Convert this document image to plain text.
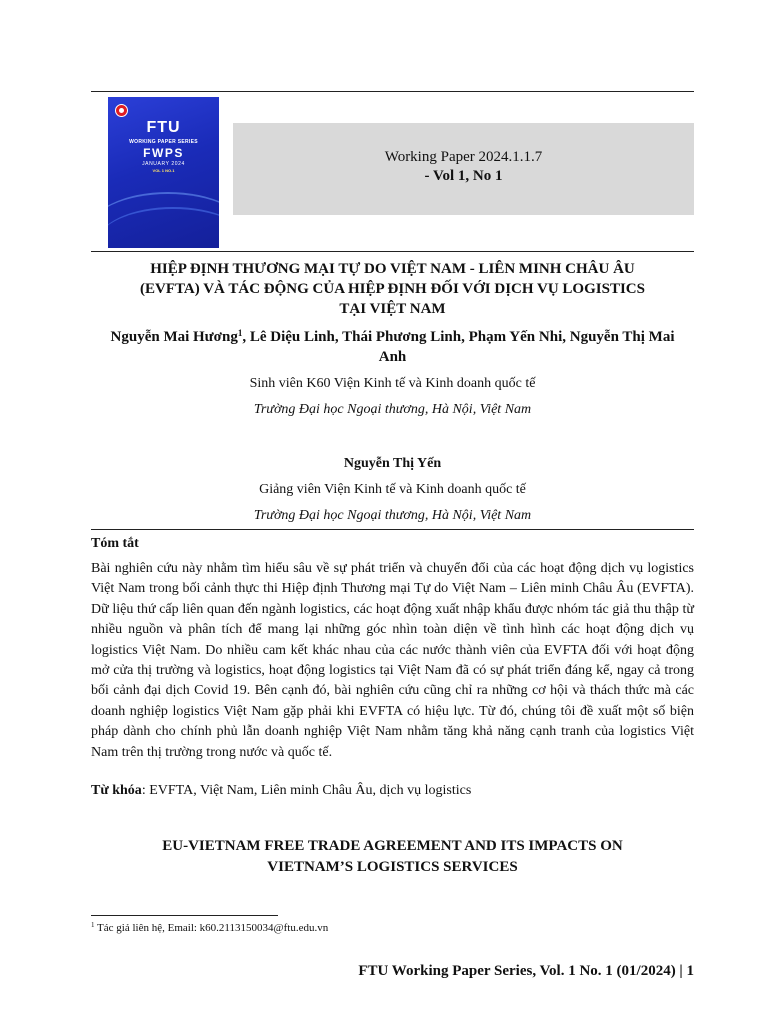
FTU
WORKING PAPER SERIES
FWPS
JANUARY 2024
VOL 1 NO.1
Working Paper 2024.1.1.7
- Vol 1, No 1
HIỆP ĐỊNH THƯƠNG MẠI TỰ DO VIỆT NAM - LIÊN MINH CHÂU ÂU
(EVFTA) VÀ TÁC ĐỘNG CỦA HIỆP ĐỊNH ĐỐI VỚI DỊCH VỤ LOGISTICS
TẠI VIỆT NAM
Nguyễn Mai Hương$^1$, Lê Diệu Linh, Thái Phương Linh, Phạm Yến Nhi, Nguyễn Thị Mai
Anh
Sinh viên K60 Viện Kinh tế và Kinh doanh quốc tế
Trường Đại học Ngoại thương, Hà Nội, Việt Nam
Nguyễn Thị Yến
Giảng viên Viện Kinh tế và Kinh doanh quốc tế
Trường Đại học Ngoại thương, Hà Nội, Việt Nam
Tóm tắt
Bài nghiên cứu này nhằm tìm hiểu sâu về sự phát triển và chuyển đổi của các hoạt động dịch vụ logistics Việt Nam trong bối cảnh thực thi Hiệp định Thương mại Tự do Việt Nam – Liên minh Châu Âu (EVFTA). Dữ liệu thứ cấp liên quan đến ngành logistics, các hoạt động xuất nhập khẩu được nhóm tác giả thu thập từ nhiều nguồn và phân tích để mang lại những góc nhìn toàn diện về tình hình các hoạt động dịch vụ logistics Việt Nam. Do nhiều cam kết khác nhau của các nước thành viên của EVFTA đối với hoạt động mở cửa thị trường và logistics, hoạt động logistics tại Việt Nam đã có sự phát triển đáng kể, ngay cả trong bối cảnh đại dịch Covid 19. Bên cạnh đó, bài nghiên cứu cũng chỉ ra những cơ hội và thách thức mà các doanh nghiệp logistics Việt Nam gặp phải khi EVFTA có hiệu lực. Từ đó, chúng tôi đề xuất một số biện pháp dành cho chính phủ lẫn doanh nghiệp Việt Nam nhằm tăng khả năng cạnh tranh của logistics Việt Nam trên thị trường trong nước và quốc tế.
Từ khóa: EVFTA, Việt Nam, Liên minh Châu Âu, dịch vụ logistics
EU-VIETNAM FREE TRADE AGREEMENT AND ITS IMPACTS ON
VIETNAM’S LOGISTICS SERVICES
$^1$ Tác giả liên hệ, Email: k60.2113150034@ftu.edu.vn
FTU Working Paper Series, Vol. 1 No. 1 (01/2024) | 1
